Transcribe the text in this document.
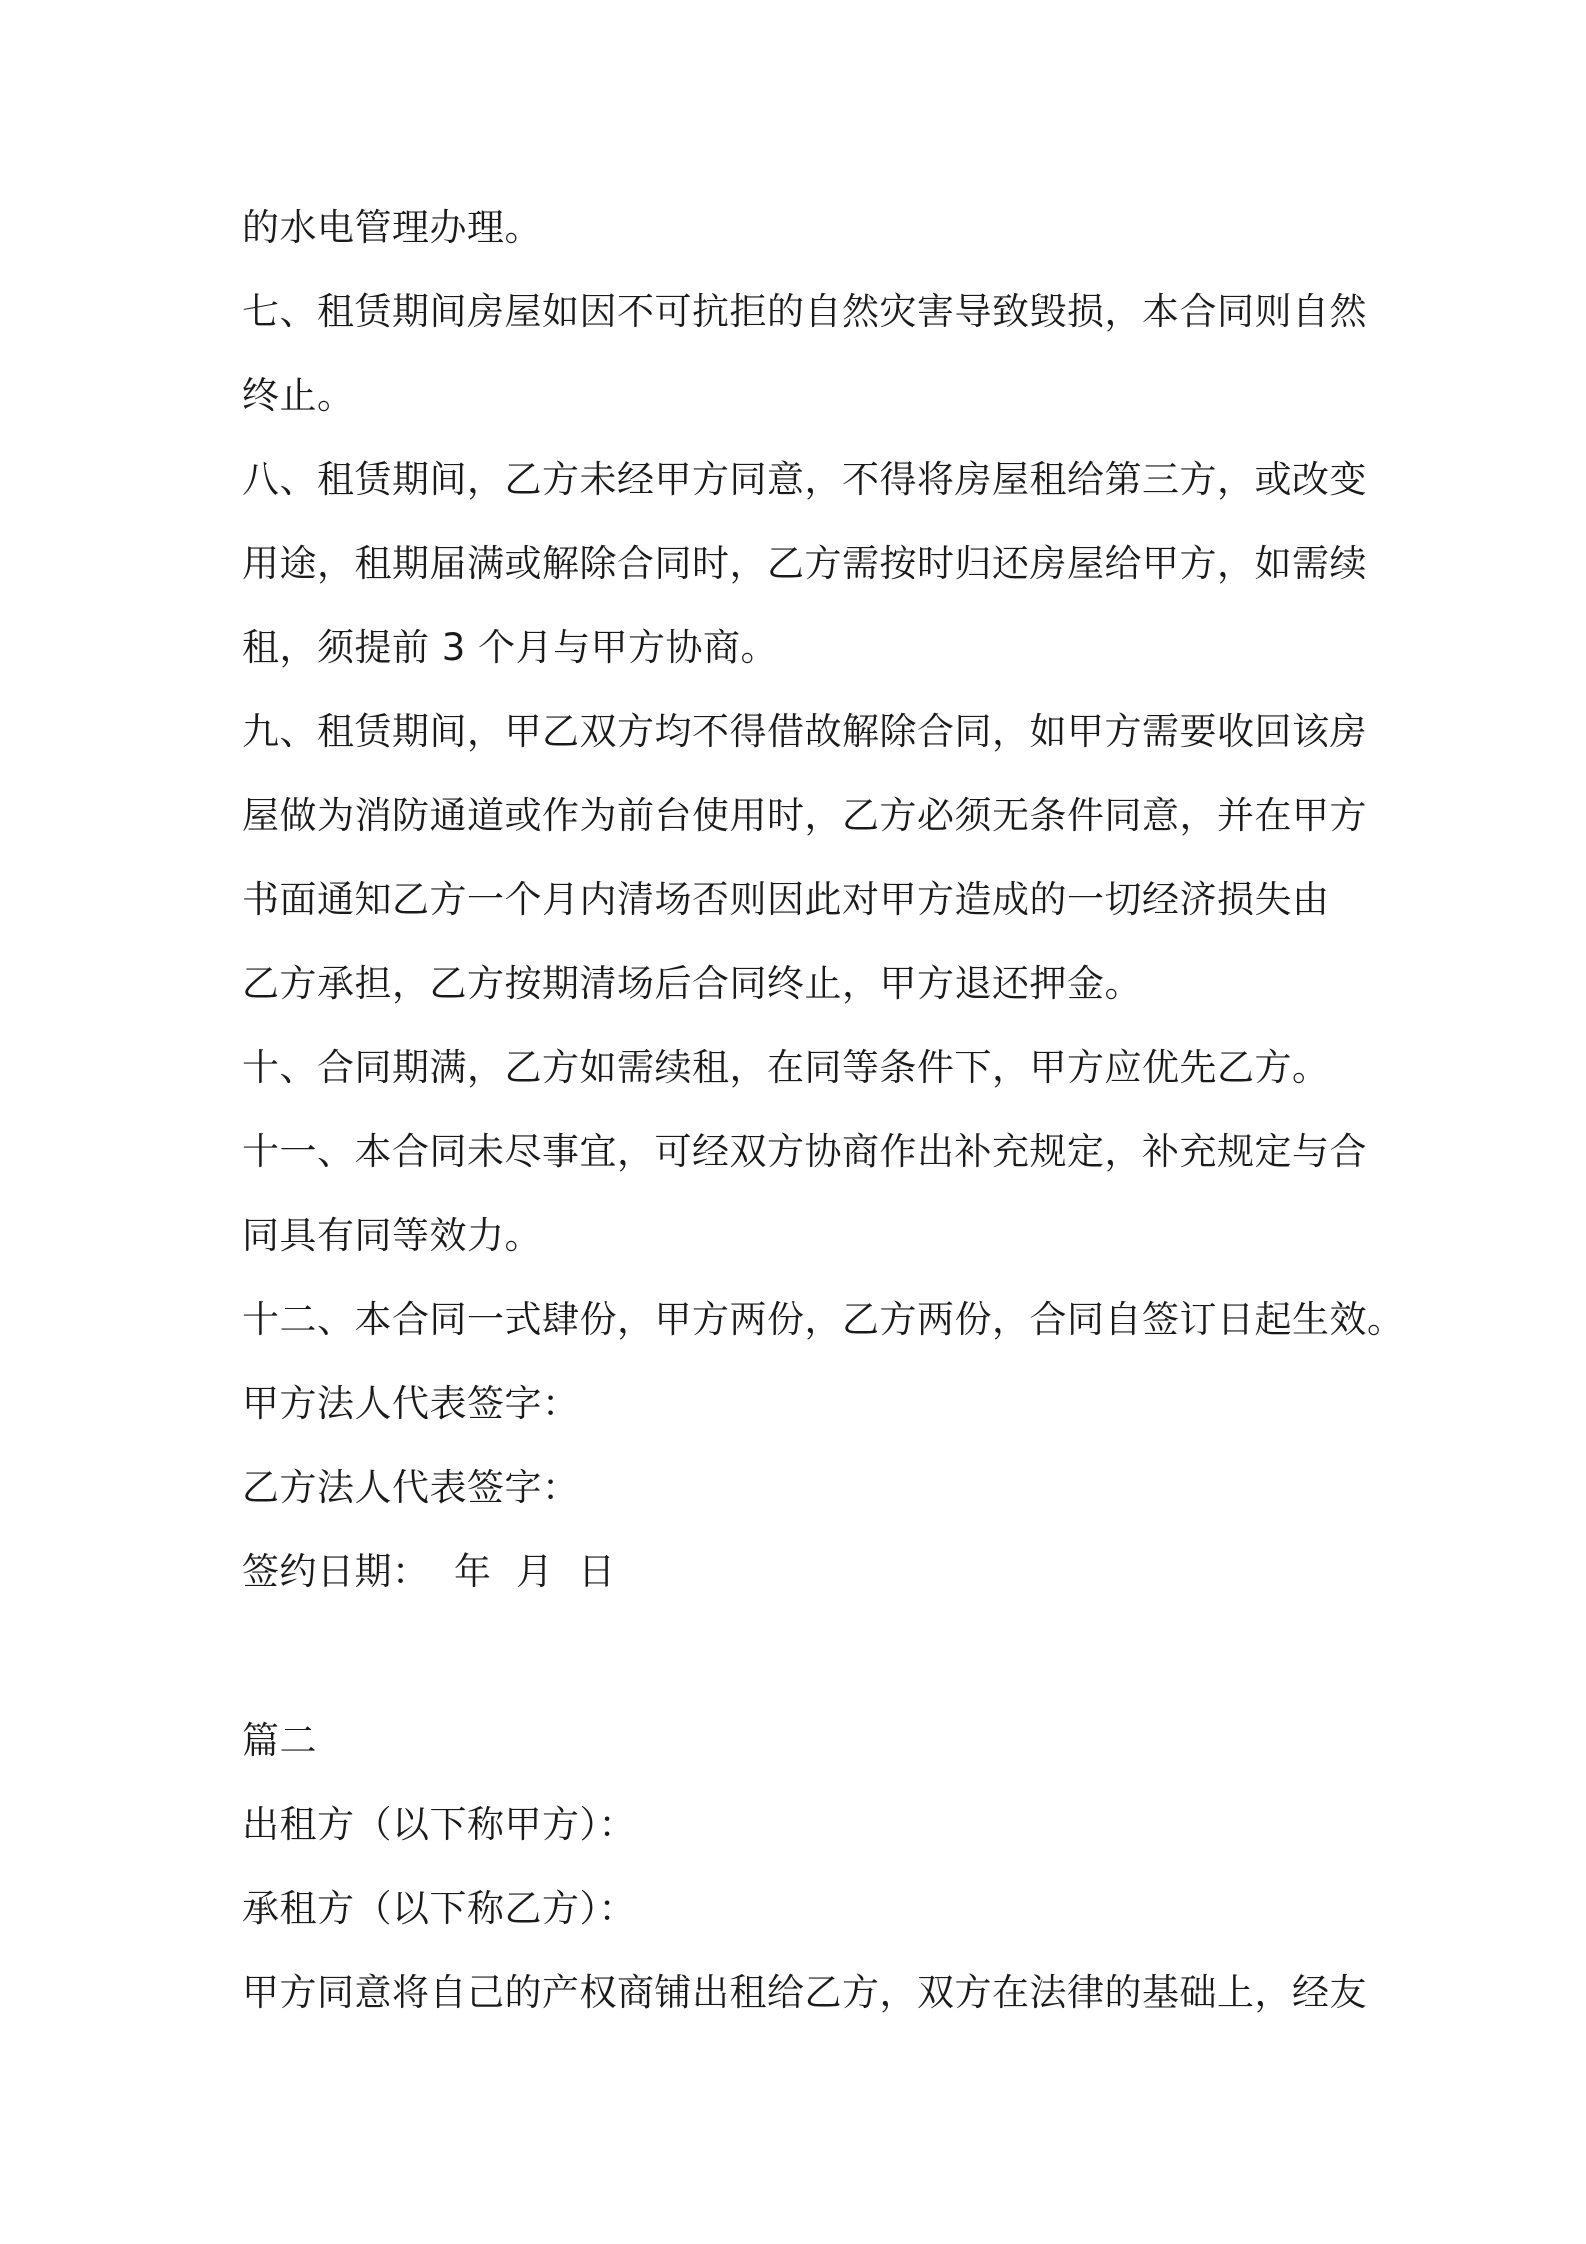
的水电管理办理。
七、租赁期间房屋如因不可抗拒的自然灾害导致毁损，本合同则自然
终止。
八、租赁期间，乙方未经甲方同意，不得将房屋租给第三方，或改变
用途，租期届满或解除合同时，乙方需按时归还房屋给甲方，如需续
租，须提前 3 个月与甲方协商。
九、租赁期间，甲乙双方均不得借故解除合同，如甲方需要收回该房
屋做为消防通道或作为前台使用时，乙方必须无条件同意，并在甲方
书面通知乙方一个月内清场否则因此对甲方造成的一切经济损失由
乙方承担，乙方按期清场后合同终止，甲方退还押金。
十、合同期满，乙方如需续租，在同等条件下，甲方应优先乙方。
十一、本合同未尽事宜，可经双方协商作出补充规定，补充规定与合
同具有同等效力。
十二、本合同一式肆份，甲方两份，乙方两份，合同自签订日起生效。
甲方法人代表签字：
乙方法人代表签字：
签约日期：  年  月  日
篇二
出租方（以下称甲方）：
承租方（以下称乙方）：
甲方同意将自己的产权商铺出租给乙方，双方在法律的基础上，经友
